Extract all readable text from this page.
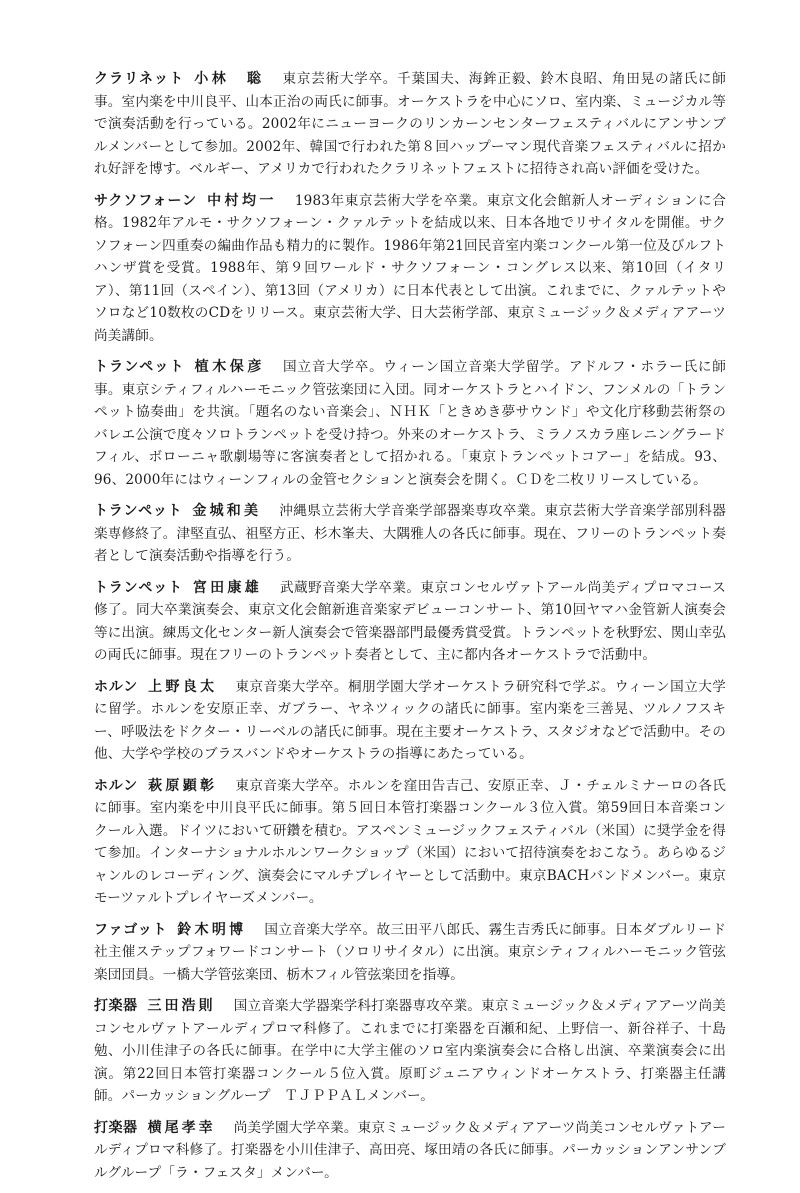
クラリネット 小林　聡 東京芸術大学卒。千葉国夫、海鉾正毅、鈴木良昭、角田晃の諸氏に師事。室内楽を中川良平、山本正治の両氏に師事。オーケストラを中心にソロ、室内楽、ミュージカル等で演奏活動を行っている。2002年にニューヨークのリンカーンセンターフェスティバルにアンサンブルメンバーとして参加。2002年、韓国で行われた第８回ハップーマン現代音楽フェスティバルに招かれ好評を博す。ベルギー、アメリカで行われたクラリネットフェストに招待され高い評価を受けた。

サクソフォーン 中村均一 1983年東京芸術大学を卒業。東京文化会館新人オーディションに合格。1982年アルモ・サクソフォーン・クァルテットを結成以来、日本各地でリサイタルを開催。サクソフォーン四重奏の編曲作品も精力的に製作。1986年第21回民音室内楽コンクール第一位及びルフトハンザ賞を受賞。1988年、第９回ワールド・サクソフォーン・コングレス以来、第10回（イタリア）、第11回（スペイン）、第13回（アメリカ）に日本代表として出演。これまでに、クァルテットやソロなど10数枚のCDをリリース。東京芸術大学、日大芸術学部、東京ミュージック＆メディアアーツ尚美講師。

トランペット 植木保彦 国立音大学卒。ウィーン国立音楽大学留学。アドルフ・ホラー氏に師事。東京シティフィルハーモニック管弦楽団に入団。同オーケストラとハイドン、フンメルの「トランペット協奏曲」を共演。「題名のない音楽会」、ＮＨＫ「ときめき夢サウンド」や文化庁移動芸術祭のバレエ公演で度々ソロトランペットを受け持つ。外来のオーケストラ、ミラノスカラ座レニングラードフィル、ボローニャ歌劇場等に客演奏者として招かれる。「東京トランペットコアー」を結成。93、96、2000年にはウィーンフィルの金管セクションと演奏会を開く。ＣＤを二枚リリースしている。

トランペット 金城和美 沖縄県立芸術大学音楽学部器楽専攻卒業。東京芸術大学音楽学部別科器楽専修終了。津堅直弘、祖堅方正、杉木峯夫、大隅雅人の各氏に師事。現在、フリーのトランペット奏者として演奏活動や指導を行う。

トランペット 宮田康雄 武蔵野音楽大学卒業。東京コンセルヴァトアール尚美ディプロマコース修了。同大卒業演奏会、東京文化会館新進音楽家デビューコンサート、第10回ヤマハ金管新人演奏会等に出演。練馬文化センター新人演奏会で管楽器部門最優秀賞受賞。トランペットを秋野宏、関山幸弘の両氏に師事。現在フリーのトランペット奏者として、主に都内各オーケストラで活動中。

ホルン 上野良太 東京音楽大学卒。桐朋学園大学オーケストラ研究科で学ぶ。ウィーン国立大学に留学。ホルンを安原正幸、ガブラー、ヤネツィックの諸氏に師事。室内楽を三善晃、ツルノフスキー、呼吸法をドクター・リーベルの諸氏に師事。現在主要オーケストラ、スタジオなどで活動中。その他、大学や学校のブラスバンドやオーケストラの指導にあたっている。

ホルン 萩原顕彰 東京音楽大学卒。ホルンを窪田告吉己、安原正幸、Ｊ・チェルミナーロの各氏に師事。室内楽を中川良平氏に師事。第５回日本管打楽器コンクール３位入賞。第59回日本音楽コンクール入選。ドイツにおいて研鑽を積む。アスペンミュージックフェスティバル（米国）に奨学金を得て参加。インターナショナルホルンワークショップ（米国）において招待演奏をおこなう。あらゆるジャンルのレコーディング、演奏会にマルチプレイヤーとして活動中。東京BACHバンドメンバー。東京モーツァルトプレイヤーズメンバー。

ファゴット 鈴木明博 国立音楽大学卒。故三田平八郎氏、霧生吉秀氏に師事。日本ダブルリード社主催ステップフォワードコンサート（ソロリサイタル）に出演。東京シティフィルハーモニック管弦楽団団員。一橋大学管弦楽団、栃木フィル管弦楽団を指導。

打楽器 三田浩則 国立音楽大学器楽学科打楽器専攻卒業。東京ミュージック＆メディアアーツ尚美コンセルヴァトアールディプロマ科修了。これまでに打楽器を百瀬和紀、上野信一、新谷祥子、十島勉、小川佳津子の各氏に師事。在学中に大学主催のソロ室内楽演奏会に合格し出演、卒業演奏会に出演。第22回日本管打楽器コンクール５位入賞。原町ジュニアウィンドオーケストラ、打楽器主任講師。パーカッショングループ　ＴＪＰＰＡＬメンバー。

打楽器 横尾孝幸 尚美学園大学卒業。東京ミュージック＆メディアアーツ尚美コンセルヴァトアールディプロマ科修了。打楽器を小川佳津子、高田亮、塚田靖の各氏に師事。パーカッションアンサンブルグループ「ラ・フェスタ」メンバー。
